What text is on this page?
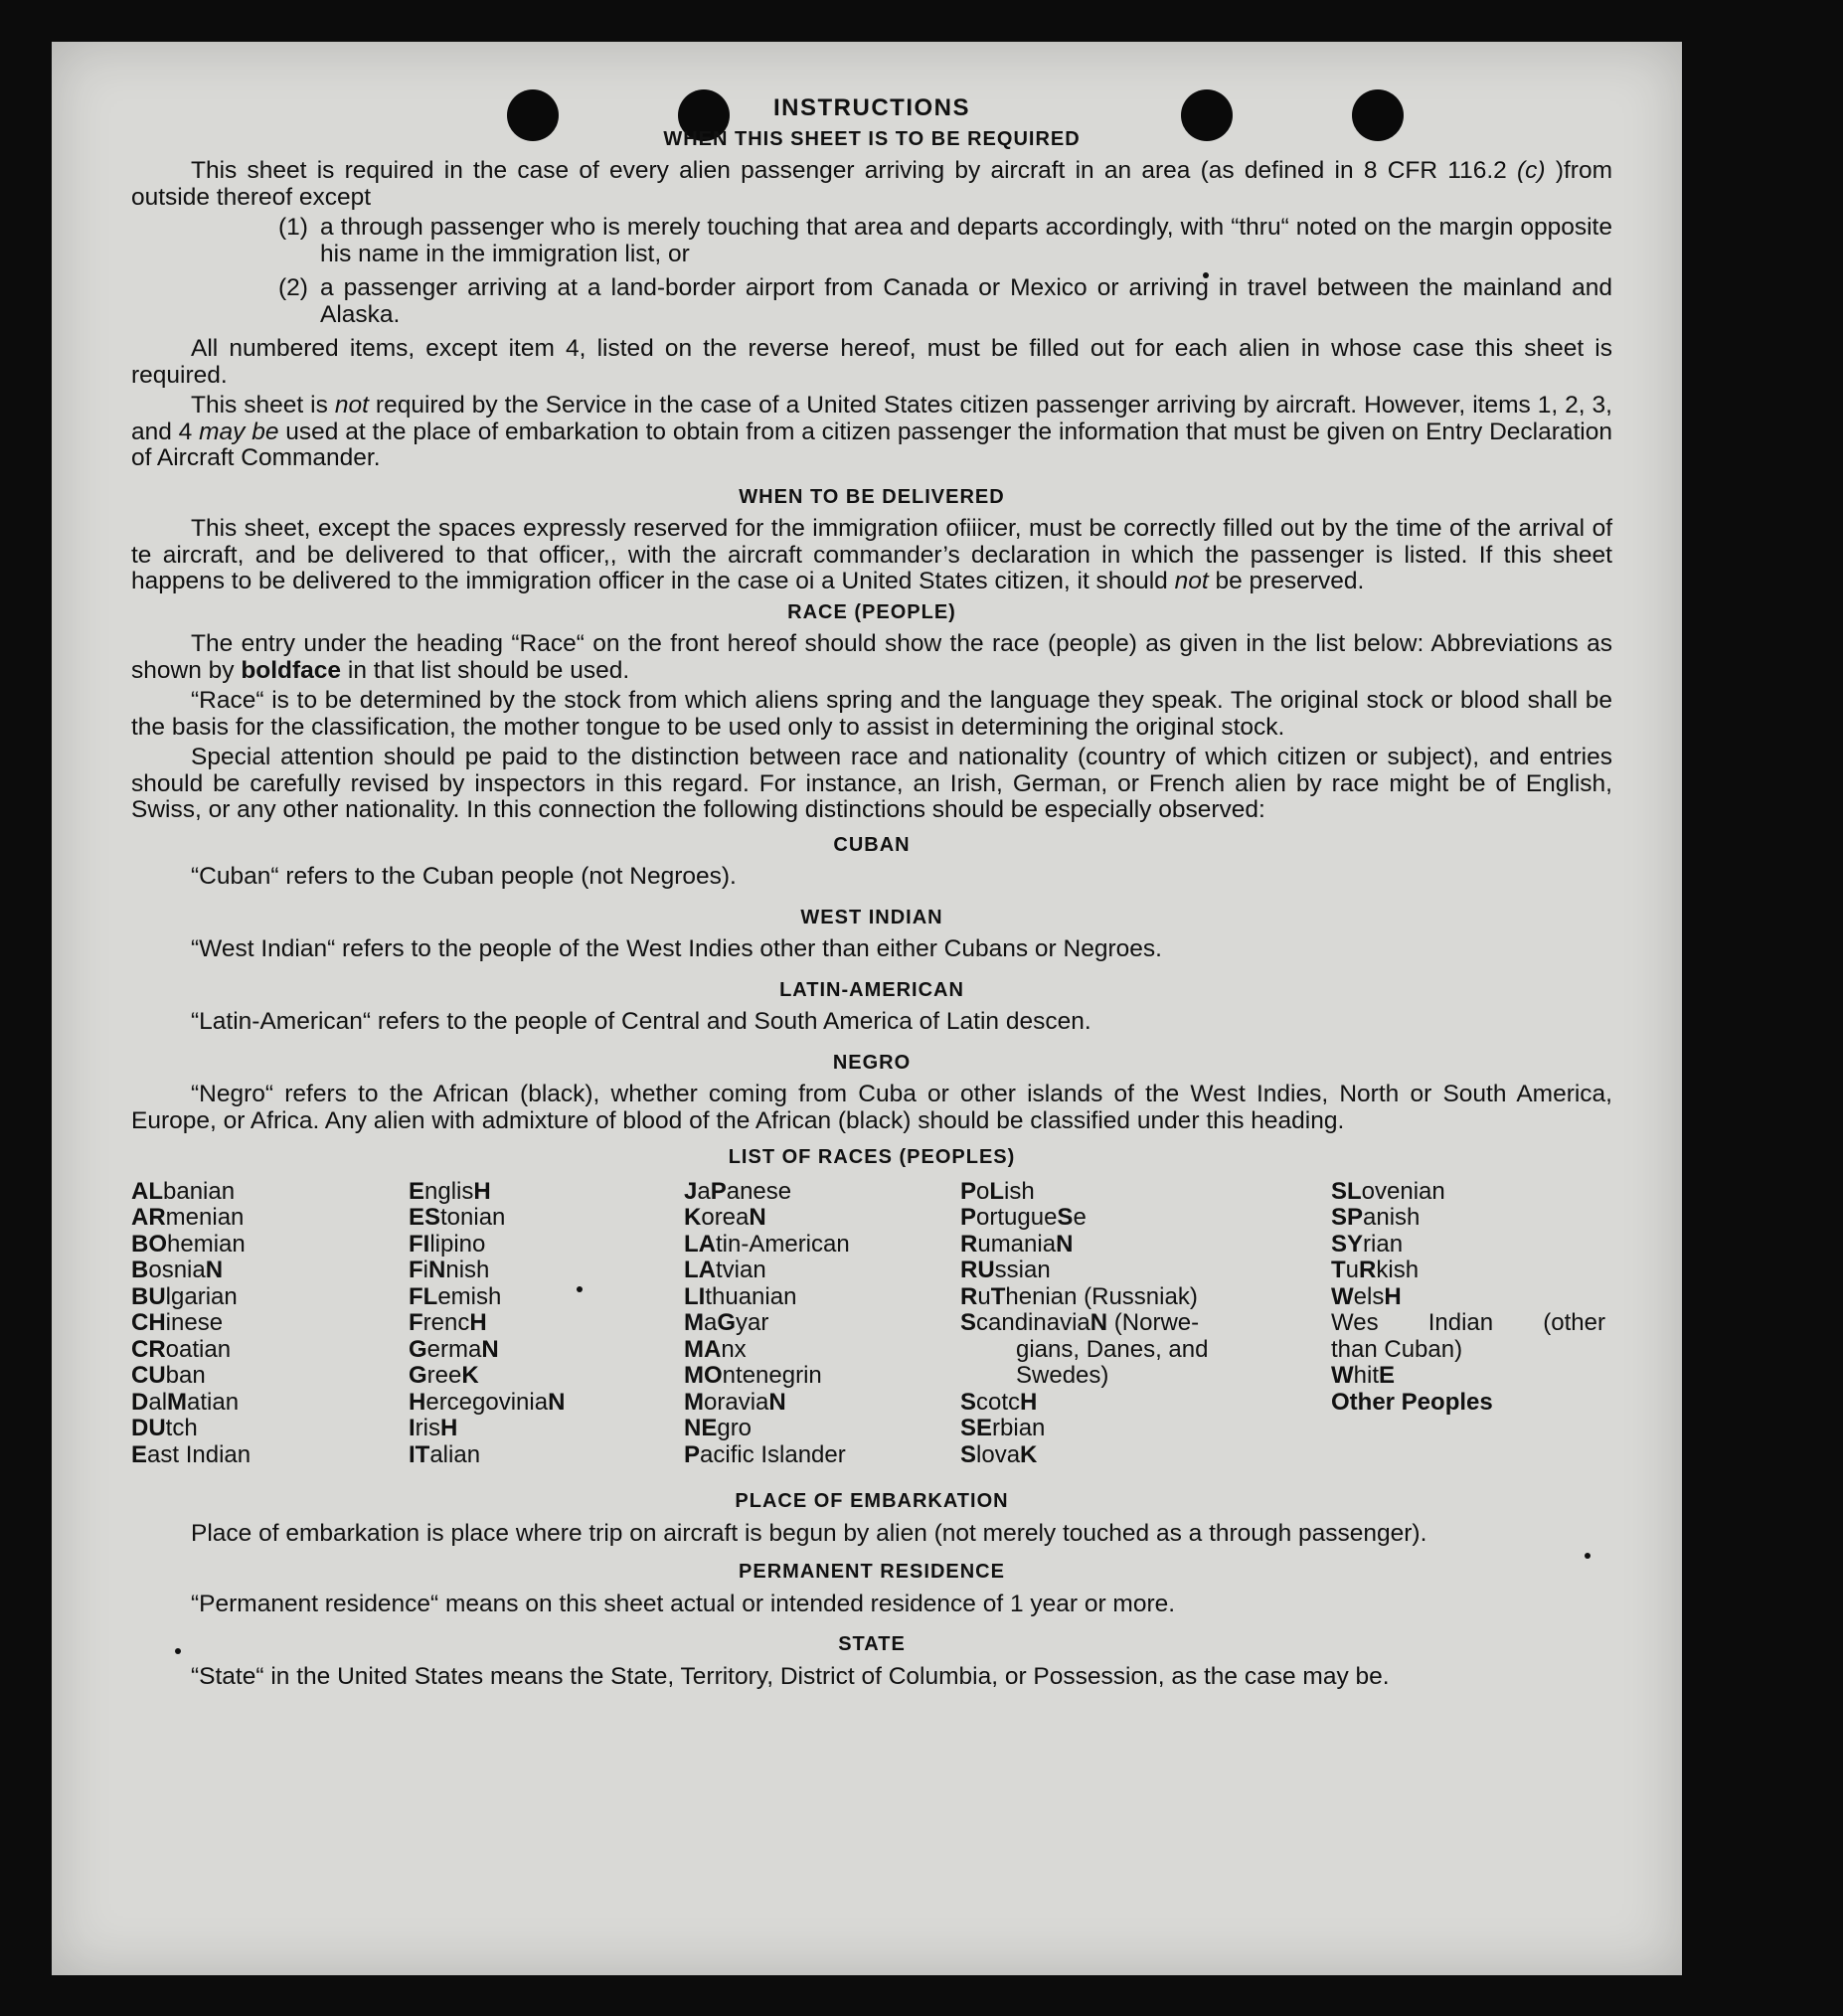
INSTRUCTIONS
WHEN THIS SHEET IS TO BE REQUIRED

This sheet is required in the case of every alien passenger arriving by aircraft in an area (as defined in 8 CFR 116.2 (c) )from outside thereof except

(1) a through passenger who is merely touching that area and departs accordingly, with “thru“ noted on the margin opposite his name in the immigration list, or
(2) a passenger arriving at a land-border airport from Canada or Mexico or arriving in travel between the mainland and Alaska.

All numbered items, except item 4, listed on the reverse hereof, must be filled out for each alien in whose case this sheet is required.

This sheet is not required by the Service in the case of a United States citizen passenger arriving by aircraft. However, items 1, 2, 3, and 4 may be used at the place of embarkation to obtain from a citizen passenger the information that must be given on Entry Declaration of Aircraft Commander.

WHEN TO BE DELIVERED

This sheet, except the spaces expressly reserved for the immigration ofiiicer, must be correctly filled out by the time of the arrival of te aircraft, and be delivered to that officer,, with the aircraft commander’s declaration in which the passenger is listed. If this sheet happens to be delivered to the immigration officer in the case oi a United States citizen, it should not be preserved.

RACE (PEOPLE)

The entry under the heading “Race“ on the front hereof should show the race (people) as given in the list below: Abbreviations as shown by boldface in that list should be used.

“Race“ is to be determined by the stock from which aliens spring and the language they speak. The original stock or blood shall be the basis for the classification, the mother tongue to be used only to assist in determining the original stock.

Special attention should pe paid to the distinction between race and nationality (country of which citizen or subject), and entries should be carefully revised by inspectors in this regard. For instance, an Irish, German, or French alien by race might be of English, Swiss, or any other nationality. In this connection the following distinctions should be especially observed:

CUBAN

“Cuban“ refers to the Cuban people (not Negroes).

WEST INDIAN

“West Indian“ refers to the people of the West Indies other than either Cubans or Negroes.

LATIN-AMERICAN

“Latin-American“ refers to the people of Central and South America of Latin descen.

NEGRO

“Negro“ refers to the African (black), whether coming from Cuba or other islands of the West Indies, North or South America, Europe, or Africa. Any alien with admixture of blood of the African (black) should be classified under this heading.

LIST OF RACES (PEOPLES)
ALbanian
ARmenian
BOhemian
BosniaN
BUlgarian
CHinese
CRoatian
CUban
DalMatian
DUtch
East Indian
EnglisH
EStonian
FIlipino
FiNnish
FLemish
FrencH
GermaN
GreeK
HercegoviniaN
IrisH
ITalian
JaPanese
KoreaN
LAtin-American
LAtvian
LIthuanian
MaGyar
MAnx
MOntenegrin
MoraviaN
NEgro
Pacific Islander
PoLish
PortugueSe
RumaniaN
RUssian
RuThenian (Russniak)
ScandinaviaN (Norwe-
gians, Danes, and
Swedes)
ScotcH
SErbian
SlovaK
SLovenian
SPanish
SYrian
TuRkish
WelsH
Wes Indian (other
than Cuban)
WhitE
Other Peoples
PLACE OF EMBARKATION

Place of embarkation is place where trip on aircraft is begun by alien (not merely touched as a through passenger).

PERMANENT RESIDENCE

“Permanent residence“ means on this sheet actual or intended residence of 1 year or more.

STATE

“State“ in the United States means the State, Territory, District of Columbia, or Possession, as the case may be.
